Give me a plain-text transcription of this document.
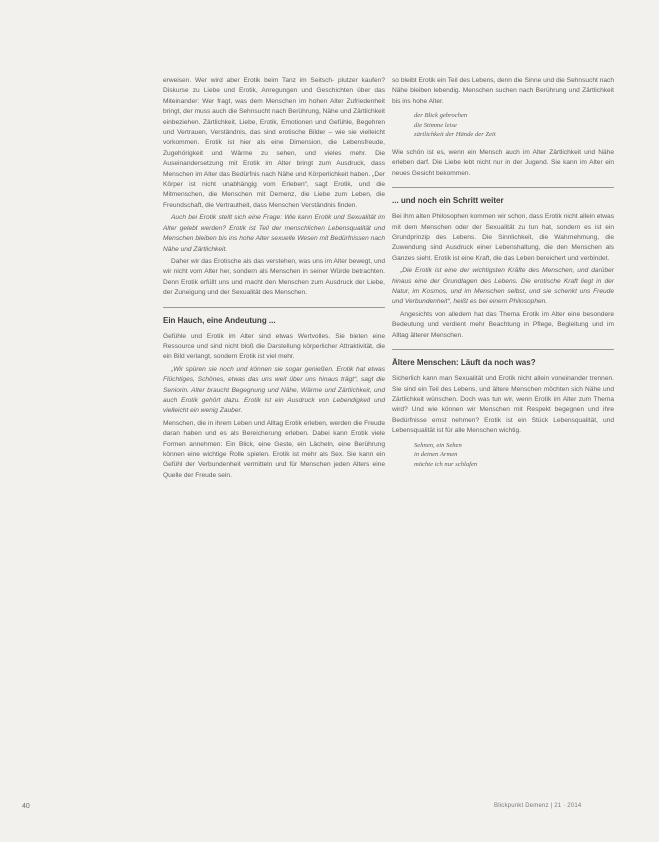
erweisen. Wer wird aber Erotik beim Tanz im Seitsch- plutzer kaufen? Diskurse zu Liebe und Erotik, Anregungen und Geschichten über das Miteinander: Wer fragt, was dem Menschen im hohen Alter Zufriedenheit bringt, der muss auch die Sehnsucht nach Berührung, Nähe und Zärtlichkeit einbeziehen. Zärtlichkeit, Liebe, Erotik, Emotionen und Gefühle, Begehren und Vertrauen, Verständnis, das sind erotische Bilder – wie sie vielleicht vorkommen. Erotik ist hier als eine Dimension, die Lebensfreude, Zugehörigkeit und Wärme zu sehen, und vieles mehr. Die Auseinandersetzung mit Erotik im Alter bringt zum Ausdruck, dass Menschen im Alter das Bedürfnis nach Nähe und Körperlichkeit haben. „Der Körper ist nicht unabhängig vom Erleben“, sagt Erotik, und die Mitmenschen, die Menschen mit Demenz, die Liebe zum Leben, die Freundschaft, die Vertrautheit, dass Menschen Verständnis finden.

Auch bei Erotik stellt sich eine Frage: Wie kann Erotik und Sexualität im Alter gelebt werden? Erotik ist Teil der menschlichen Lebensqualität und Menschen bleiben bis ins hohe Alter sexuelle Wesen mit Bedürfnissen nach Nähe und Zärtlichkeit.

Daher wir das Erotische als das verstehen, was uns im Alter bewegt, und wir nicht vom Alter her, sondern als Menschen in seiner Würde betrachten. Denn Erotik erfüllt uns und macht den Menschen zum Ausdruck der Liebe, der Zuneigung und der Sexualität des Menschen.

Ein Hauch, eine Andeutung ...

Gefühle und Erotik im Alter sind etwas Wertvolles. Sie bieten eine Ressource und sind nicht bloß die Darstellung körperlicher Attraktivität, die ein Bild verlangt, sondern Erotik ist viel mehr.

„Wir spüren sie noch und können sie sogar genießen. Erotik hat etwas Flüchtiges, Schönes, etwas das uns weit über uns hinaus trägt“, sagt die Seniorin. Alter braucht Begegnung und Nähe, Wärme und Zärtlichkeit, und auch Erotik gehört dazu. Erotik ist ein Ausdruck von Lebendigkeit und vielleicht ein wenig Zauber.

Menschen, die in ihrem Leben und Alltag Erotik erleben, werden die Freude daran haben und es als Bereicherung erleben. Dabei kann Erotik viele Formen annehmen: Ein Blick, eine Geste, ein Lächeln, eine Berührung können eine wichtige Rolle spielen. Erotik ist mehr als Sex. Sie kann ein Gefühl der Verbundenheit vermitteln und für Menschen jeden Alters eine Quelle der Freude sein.

so bleibt Erotik ein Teil des Lebens, denn die Sinne und die Sehnsucht nach Nähe bleiben lebendig. Menschen suchen nach Berührung und Zärtlichkeit bis ins hohe Alter.

der Blick gebrochen
die Stimme leise
zärtlichkeit der Hände der Zeit

Wie schön ist es, wenn ein Mensch auch im Alter Zärtlichkeit und Nähe erleben darf. Die Liebe lebt nicht nur in der Jugend. Sie kann im Alter ein neues Gesicht bekommen.

... und noch ein Schritt weiter

Bei ihm alten Philosophen kommen wir schon, dass Erotik nicht allein etwas mit dem Menschen oder der Sexualität zu tun hat, sondern es ist ein Grundprinzip des Lebens. Die Sinnlichkeit, die Wahrnehmung, die Zuwendung sind Ausdruck einer Lebenshaltung, die den Menschen als Ganzes sieht. Erotik ist eine Kraft, die das Leben bereichert und verbindet.

„Die Erotik ist eine der wichtigsten Kräfte des Menschen, und darüber hinaus eine der Grundlagen des Lebens. Die erotische Kraft liegt in der Natur, im Kosmos, und im Menschen selbst, und sie schenkt uns Freude und Verbundenheit“, heißt es bei einem Philosophen.

Angesichts von alledem hat das Thema Erotik im Alter eine besondere Bedeutung und verdient mehr Beachtung in Pflege, Begleitung und im Alltag älterer Menschen.

Ältere Menschen: Läuft da noch was?

Sicherlich kann man Sexualität und Erotik nicht allein voneinander trennen. Sie sind ein Teil des Lebens, und ältere Menschen möchten sich Nähe und Zärtlichkeit wünschen. Doch was tun wir, wenn Erotik im Alter zum Thema wird? Und wie können wir Menschen mit Respekt begegnen und ihre Bedürfnisse ernst nehmen? Erotik ist ein Stück Lebensqualität, und Lebensqualität ist für alle Menschen wichtig.

Sehnen, ein Sehen
in deinen Armen
möchte ich nur schlafen
40	Blickpunkt Demenz | 21 · 2014
